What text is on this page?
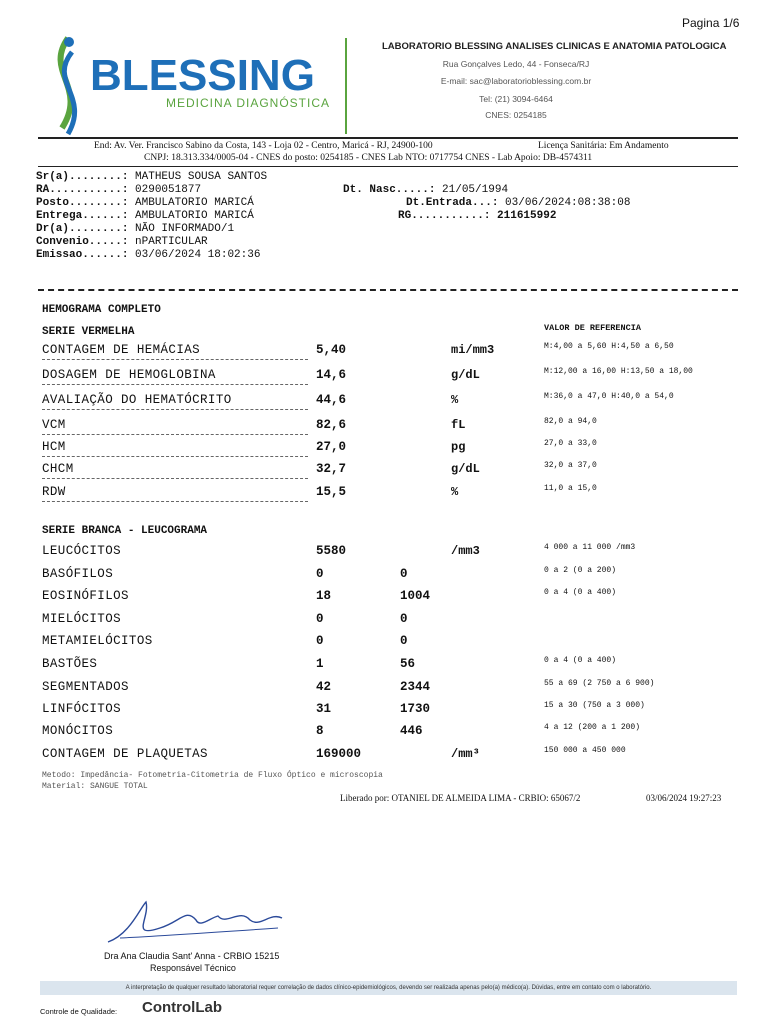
Pagina 1/6
BLESSING
MEDICINA DIAGNÓSTICA
LABORATORIO BLESSING ANALISES CLINICAS E ANATOMIA PATOLOGICA
Rua Gonçalves Ledo, 44 - Fonseca/RJ
E-mail: sac@laboratorioblessing.com.br
Tel: (21) 3094-6464
CNES: 0254185
End: Av. Ver. Francisco Sabino da Costa, 143 - Loja 02 - Centro, Maricá - RJ, 24900-100	Licença Sanitária: Em Andamento
CNPJ: 18.313.334/0005-04 - CNES do posto: 0254185 - CNES Lab NTO: 0717754 CNES - Lab Apoio: DB-4574311
Sr(a)........: MATHEUS SOUSA SANTOS
RA...........: 0290051877	Dt. Nasc.....: 21/05/1994
Posto........: AMBULATORIO MARICÁ	Dt.Entrada...: 03/06/2024:08:38:08
Entrega......: AMBULATORIO MARICÁ	RG...........: 211615992
Dr(a)........: NÃO INFORMADO/1
Convenio.....: nPARTICULAR
Emissao......: 03/06/2024 18:02:36
HEMOGRAMA COMPLETO
SERIE VERMELHA	VALOR DE REFERENCIA
CONTAGEM DE HEMÁCIAS	5,40	mi/mm3	M:4,00 a 5,60 H:4,50 a 6,50
DOSAGEM DE HEMOGLOBINA	14,6	g/dL	M:12,00 a 16,00 H:13,50 a 18,00
AVALIAÇÃO DO HEMATÓCRITO	44,6	%	M:36,0 a 47,0 H:40,0 a 54,0
VCM	82,6	fL	82,0 a 94,0
HCM	27,0	pg	27,0 a 33,0
CHCM	32,7	g/dL	32,0 a 37,0
RDW	15,5	%	11,0 a 15,0
SERIE BRANCA - LEUCOGRAMA
LEUCÓCITOS	5580	/mm3	4 000 a 11 000 /mm3
BASÓFILOS	0	0	0 a 2 (0 a 200)
EOSINÓFILOS	18	1004	0 a 4 (0 a 400)
MIELÓCITOS	0	0
METAMIELÓCITOS	0	0
BASTÕES	1	56	0 a 4 (0 a 400)
SEGMENTADOS	42	2344	55 a 69 (2 750 a 6 900)
LINFÓCITOS	31	1730	15 a 30 (750 a 3 000)
MONÓCITOS	8	446	4 a 12 (200 a 1 200)
CONTAGEM DE PLAQUETAS	169000	/mm³	150 000 a 450 000
Metodo: Impedância- Fotometria-Citometria de Fluxo Óptico e microscopia
Material: SANGUE TOTAL
Liberado por: OTANIEL DE ALMEIDA LIMA - CRBIO: 65067/2	03/06/2024 19:27:23
Dra Ana Claudia Sant' Anna - CRBIO 15215
Responsável Técnico
A interpretação de qualquer resultado laboratorial requer correlação de dados clínico-epidemiológicos, devendo ser realizada apenas pelo(a) médico(a). Dúvidas, entre em contato com o laboratório.
Controle de Qualidade: ControlLab
